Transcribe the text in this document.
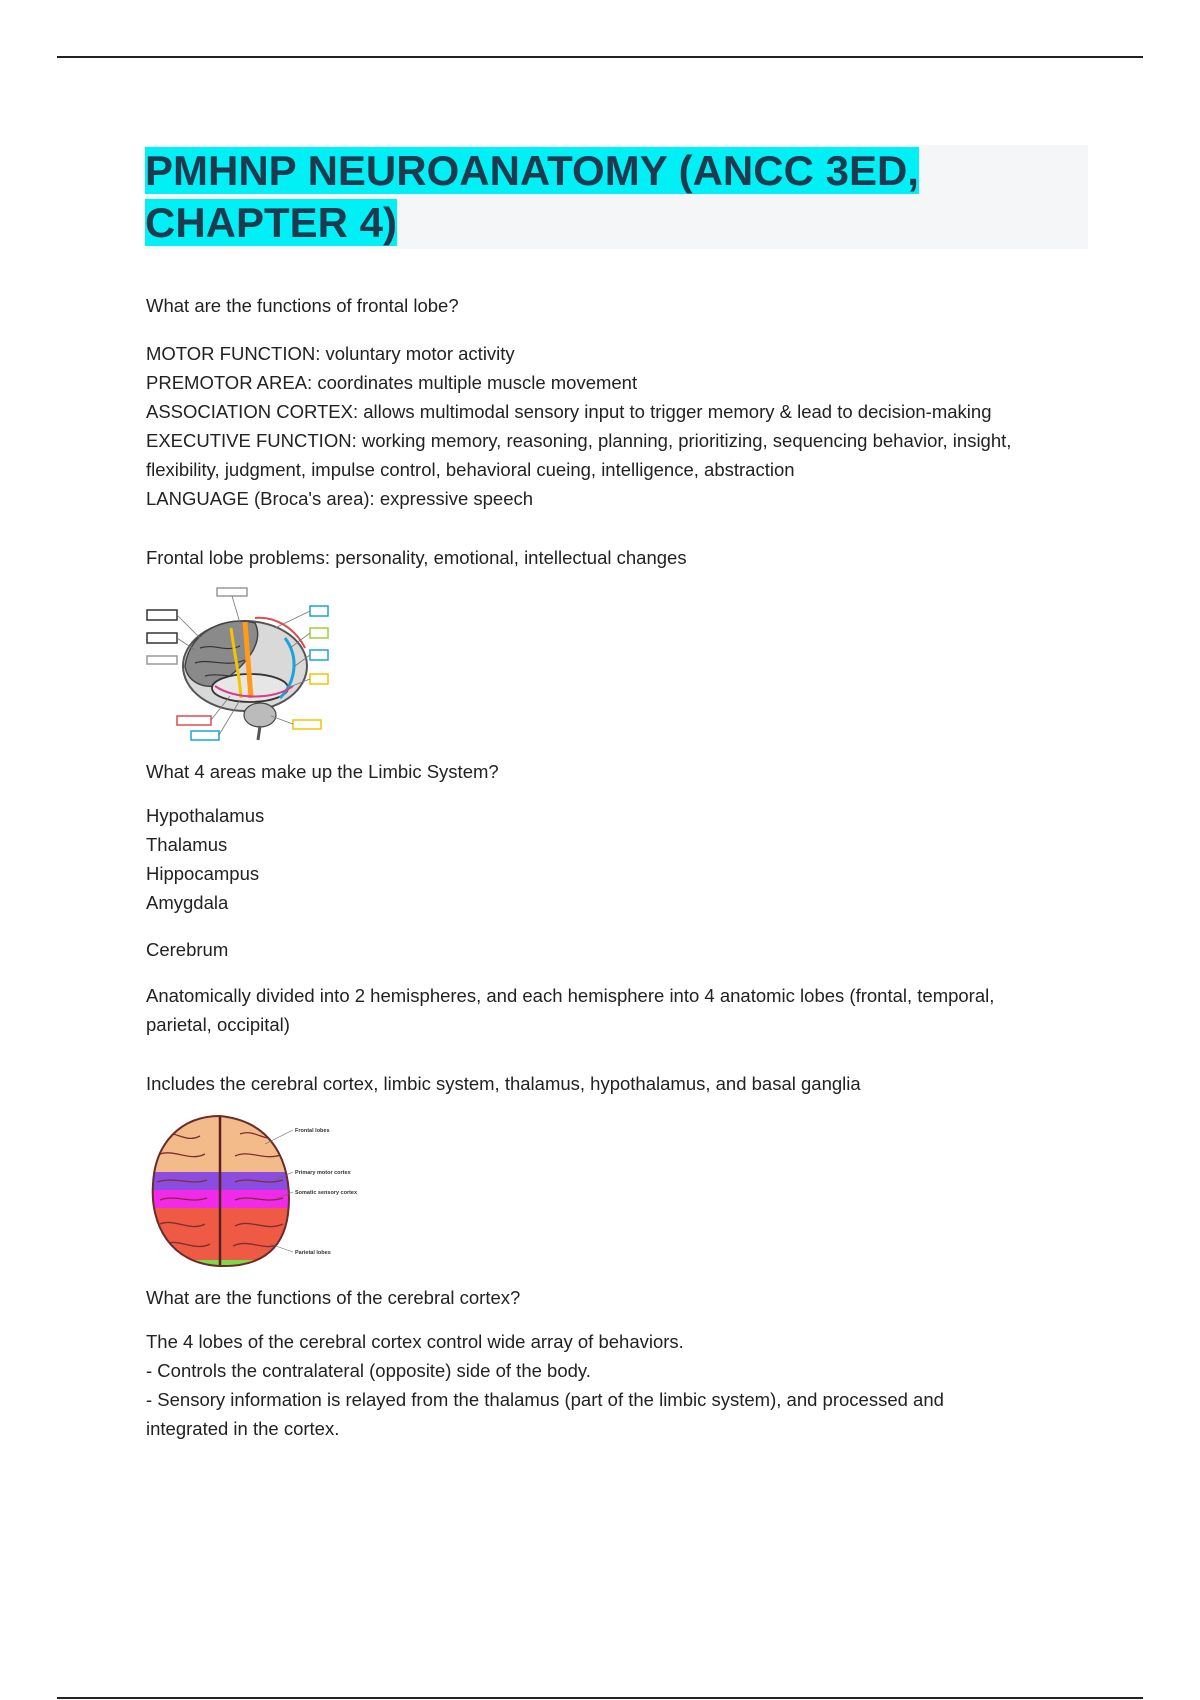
PMHNP NEUROANATOMY (ANCC 3ED,
CHAPTER 4)

What are the functions of frontal lobe?

MOTOR FUNCTION: voluntary motor activity

PREMOTOR AREA: coordinates multiple muscle movement

ASSOCIATION CORTEX: allows multimodal sensory input to trigger memory & lead to decision-making

EXECUTIVE FUNCTION: working memory, reasoning, planning, prioritizing, sequencing behavior, insight,

flexibility, judgment, impulse control, behavioral cueing, intelligence, abstraction

LANGUAGE (Broca's area): expressive speech

Frontal lobe problems: personality, emotional, intellectual changes

What 4 areas make up the Limbic System?

Hypothalamus

Thalamus

Hippocampus

Amygdala

Cerebrum

Anatomically divided into 2 hemispheres, and each hemisphere into 4 anatomic lobes (frontal, temporal,

parietal, occipital)

Includes the cerebral cortex, limbic system, thalamus, hypothalamus, and basal ganglia

Frontal lobes
Primary motor cortex
Somatic sensory cortex
Parietal lobes

What are the functions of the cerebral cortex?

The 4 lobes of the cerebral cortex control wide array of behaviors.

- Controls the contralateral (opposite) side of the body.

- Sensory information is relayed from the thalamus (part of the limbic system), and processed and

integrated in the cortex.
